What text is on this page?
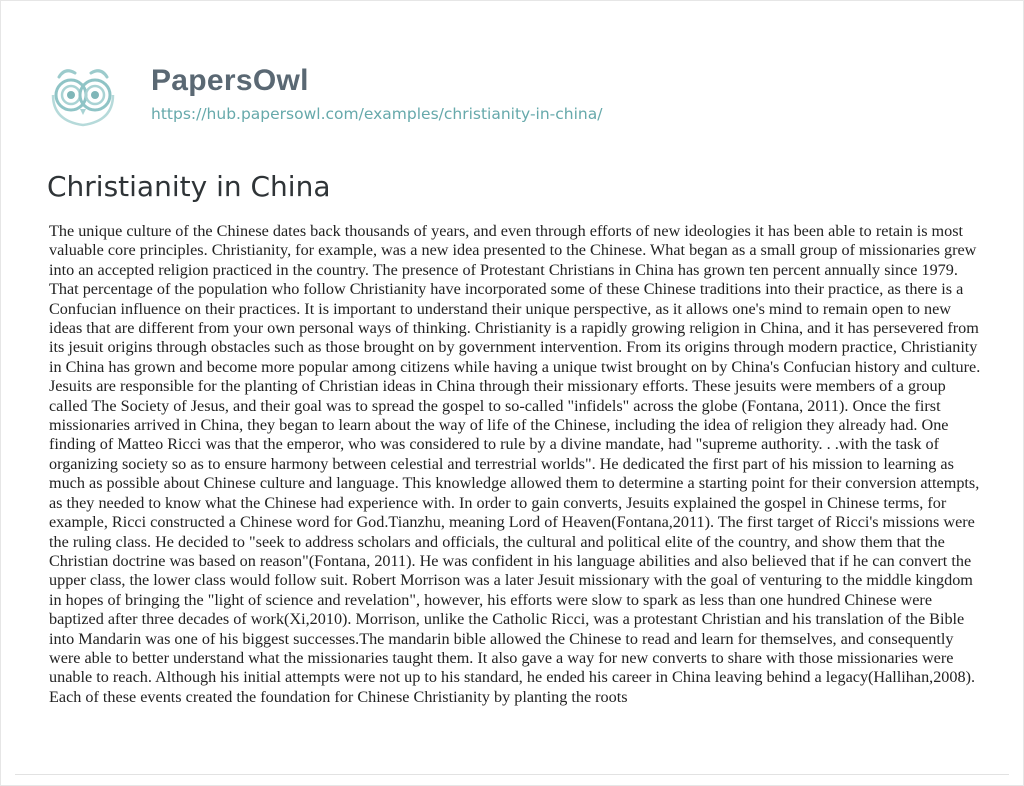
PapersOwl
https://hub.papersowl.com/examples/christianity-in-china/
Christianity in China

The unique culture of the Chinese dates back thousands of years, and even through efforts of new ideologies it has been able to retain is most valuable core principles. Christianity, for example, was a new idea presented to the Chinese. What began as a small group of missionaries grew into an accepted religion practiced in the country. The presence of Protestant Christians in China has grown ten percent annually since 1979. That percentage of the population who follow Christianity have incorporated some of these Chinese traditions into their practice, as there is a Confucian influence on their practices. It is important to understand their unique perspective, as it allows one's mind to remain open to new ideas that are different from your own personal ways of thinking. Christianity is a rapidly growing religion in China, and it has persevered from its jesuit origins through obstacles such as those brought on by government intervention. From its origins through modern practice, Christianity in China has grown and become more popular among citizens while having a unique twist brought on by China's Confucian history and culture. Jesuits are responsible for the planting of Christian ideas in China through their missionary efforts. These jesuits were members of a group called The Society of Jesus, and their goal was to spread the gospel to so-called "infidels" across the globe (Fontana, 2011). Once the first missionaries arrived in China, they began to learn about the way of life of the Chinese, including the idea of religion they already had. One finding of Matteo Ricci was that the emperor, who was considered to rule by a divine mandate, had "supreme authority. . .with the task of organizing society so as to ensure harmony between celestial and terrestrial worlds". He dedicated the first part of his mission to learning as much as possible about Chinese culture and language. This knowledge allowed them to determine a starting point for their conversion attempts, as they needed to know what the Chinese had experience with. In order to gain converts, Jesuits explained the gospel in Chinese terms, for example, Ricci constructed a Chinese word for God.Tianzhu, meaning Lord of Heaven(Fontana,2011). The first target of Ricci's missions were the ruling class. He decided to "seek to address scholars and officials, the cultural and political elite of the country, and show them that the Christian doctrine was based on reason"(Fontana, 2011). He was confident in his language abilities and also believed that if he can convert the upper class, the lower class would follow suit. Robert Morrison was a later Jesuit missionary with the goal of venturing to the middle kingdom in hopes of bringing the "light of science and revelation", however, his efforts were slow to spark as less than one hundred Chinese were baptized after three decades of work(Xi,2010). Morrison, unlike the Catholic Ricci, was a protestant Christian and his translation of the Bible into Mandarin was one of his biggest successes.The mandarin bible allowed the Chinese to read and learn for themselves, and consequently were able to better understand what the missionaries taught them. It also gave a way for new converts to share with those missionaries were unable to reach. Although his initial attempts were not up to his standard, he ended his career in China leaving behind a legacy(Hallihan,2008). Each of these events created the foundation for Chinese Christianity by planting the roots
